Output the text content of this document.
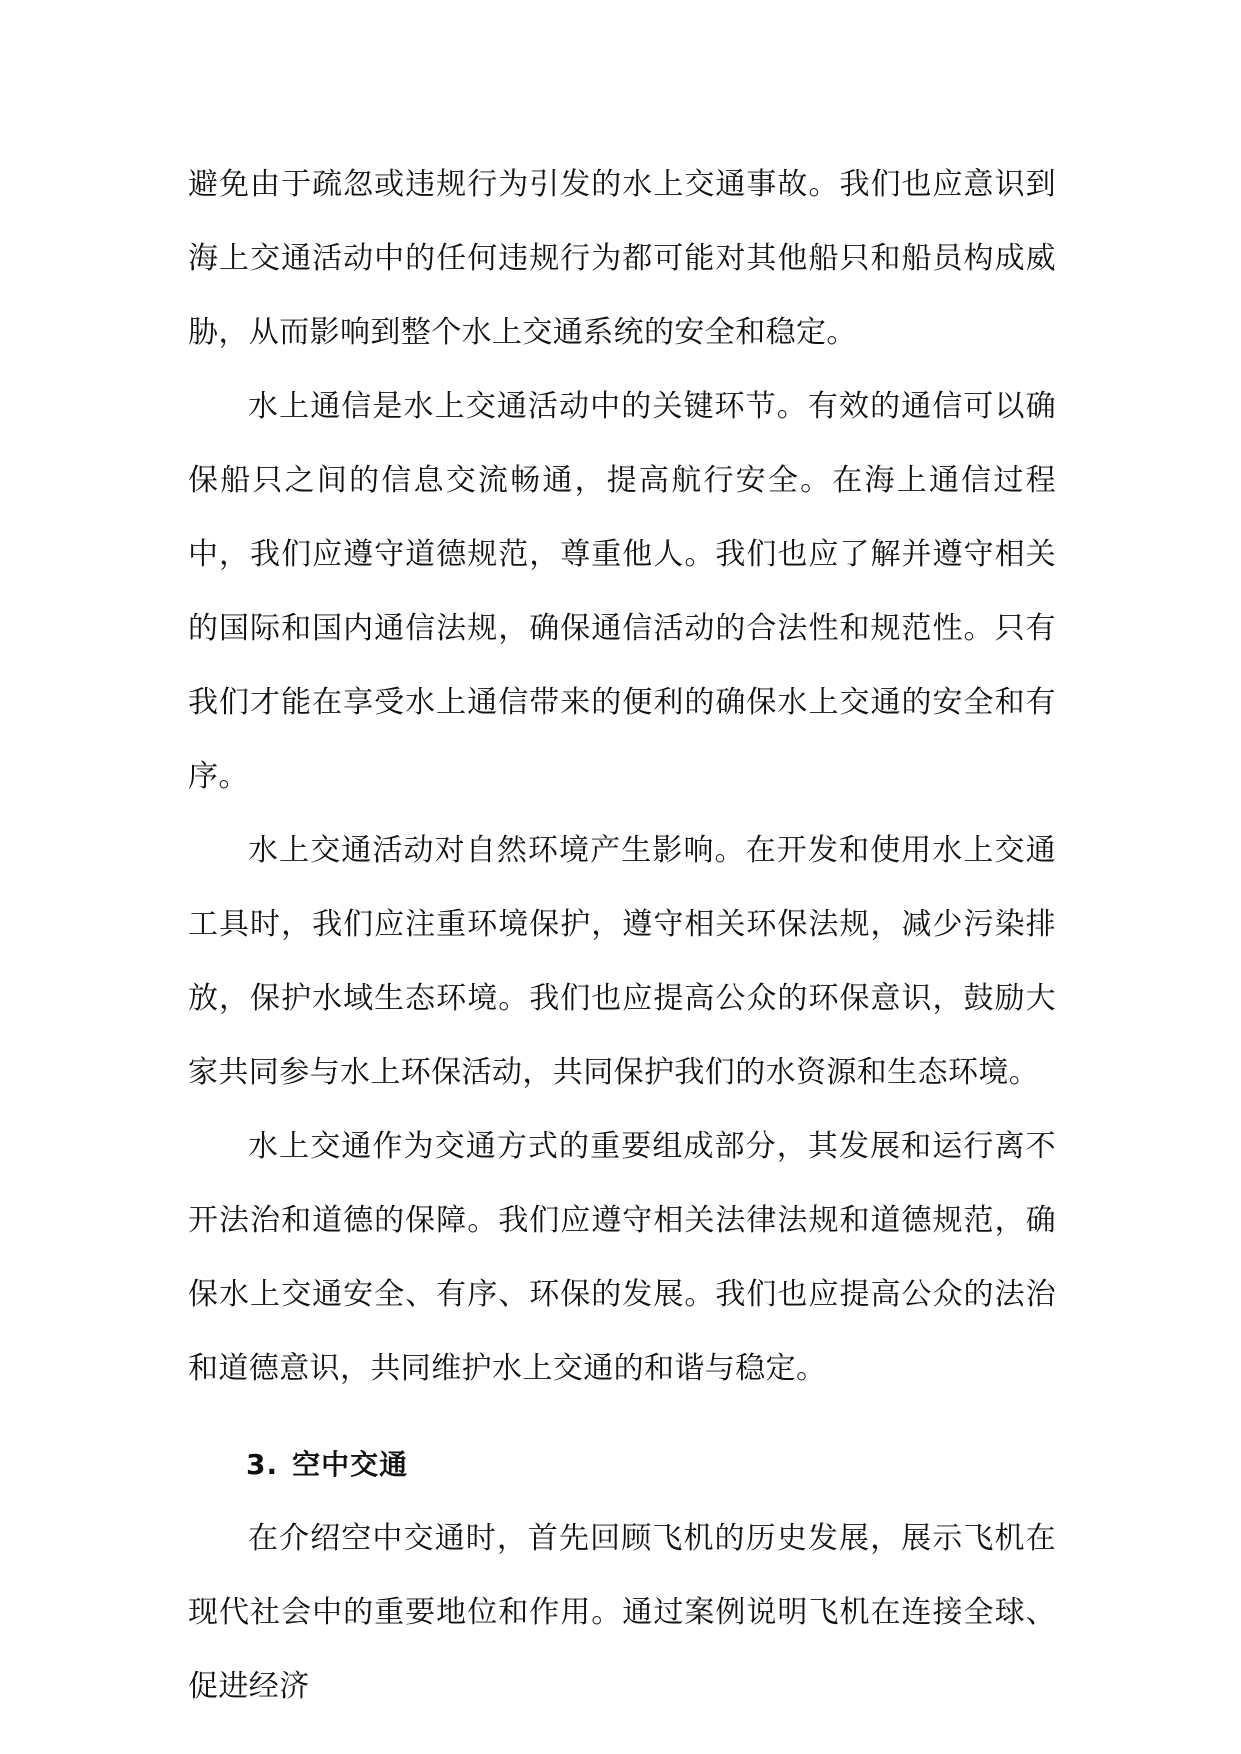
避免由于疏忽或违规行为引发的水上交通事故。我们也应意识到海上交通活动中的任何违规行为都可能对其他船只和船员构成威胁，从而影响到整个水上交通系统的安全和稳定。

水上通信是水上交通活动中的关键环节。有效的通信可以确保船只之间的信息交流畅通，提高航行安全。在海上通信过程中，我们应遵守道德规范，尊重他人。我们也应了解并遵守相关的国际和国内通信法规，确保通信活动的合法性和规范性。只有我们才能在享受水上通信带来的便利的确保水上交通的安全和有序。

水上交通活动对自然环境产生影响。在开发和使用水上交通工具时，我们应注重环境保护，遵守相关环保法规，减少污染排放，保护水域生态环境。我们也应提高公众的环保意识，鼓励大家共同参与水上环保活动，共同保护我们的水资源和生态环境。

水上交通作为交通方式的重要组成部分，其发展和运行离不开法治和道德的保障。我们应遵守相关法律法规和道德规范，确保水上交通安全、有序、环保的发展。我们也应提高公众的法治和道德意识，共同维护水上交通的和谐与稳定。

3. 空中交通

在介绍空中交通时，首先回顾飞机的历史发展，展示飞机在现代社会中的重要地位和作用。通过案例说明飞机在连接全球、促进经济
